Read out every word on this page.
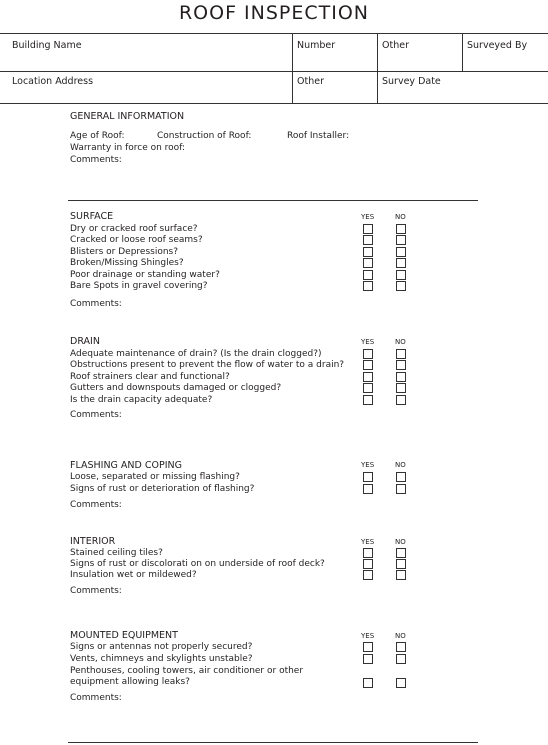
ROOF INSPECTION
Building Name	Number	Other	Surveyed By
Location Address	Other	Survey Date
GENERAL INFORMATION
Age of Roof:	Construction of Roof:	Roof Installer:
Warranty in force on roof:
Comments:
SURFACE	YES	NO
Dry or cracked roof surface?
Cracked or loose roof seams?
Blisters or Depressions?
Broken/Missing Shingles?
Poor drainage or standing water?
Bare Spots in gravel covering?
Comments:
DRAIN	YES	NO
Adequate maintenance of drain? (Is the drain clogged?)
Obstructions present to prevent the flow of water to a drain?
Roof strainers clear and functional?
Gutters and downspouts damaged or clogged?
Is the drain capacity adequate?
Comments:
FLASHING AND COPING	YES	NO
Loose, separated or missing flashing?
Signs of rust or deterioration of flashing?
Comments:
INTERIOR	YES	NO
Stained ceiling tiles?
Signs of rust or discolorati on on underside of roof deck?
Insulation wet or mildewed?
Comments:
MOUNTED EQUIPMENT	YES	NO
Signs or antennas not properly secured?
Vents, chimneys and skylights unstable?
Penthouses, cooling towers, air conditioner or other
equipment allowing leaks?
Comments:
